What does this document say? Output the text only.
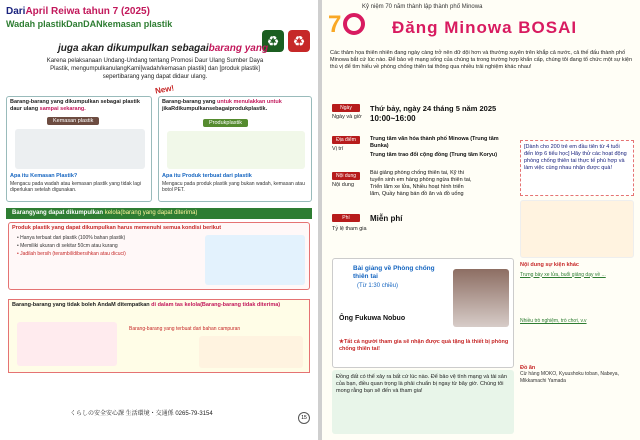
DariApril Reiwa tahun 7 (2025)
Wadah plastikDanDANkemasan plastik
♻ ♻
juga akan dikumpulkan sebagaibarang yang
Karena pelaksanaan Undang-Undang tentang Promosi Daur Ulang Sumber Daya Plastik, mengumpulkanulangKami[wadah/kemasan plastik] dan [produk plastik] sepertibarang yang dapat didaur ulang.
Barang-barang yang dikumpulkan sebagai plastik daur ulang sampai sekarang.
Kemasan plastik
Apa itu Kemasan Plastik?
Mengacu pada wadah atau kemasan plastik yang tidak lagi diperlukan setelah digunakan.
New!
Barang-barang yang untuk menulakkan untuk jikaRdikumpulkansebagaiprodukplastik.
Produkplastik
Apa itu Produk terbuat dari plastik
Mengacu pada produk plastik yang bukan wadah, kemasan atau botol PET.
Barangyang dapat dikumpulkan kelola(barang yang dapat diterima)
Produk plastik yang dapat dikumpulkan harus memenuhi semua kondisi berikut
• Hanya terbuat dari plastik (100% bahan plastik)
• Memiliki ukuran di sekitar 50cm atau kurang
• Jadilah bersih (terambil/dibersihkan atau dicuci)
Barang-barang yang tidak boleh AndaM ditempatkan di dalam tas kelola(Barang-barang tidak diterima)
Barang-barang yang terbuat dari bahan campuran
くらしの安全安心課 生活環境・交通係 0265-79-3154
15
7
Kỷ niệm 70 năm thành lập thành phố Minowa
Đăng Minowa BOSAI
Các thảm họa thiên nhiên đang ngày càng trở nên dữ dội hơn và thường xuyên trên khắp cả nước, cả thế đấu thành phố Minowa bắt cứ lúc nào. Để bảo vệ mạng sống của chúng ta trong trường hợp khẩn cấp, chúng tôi đang tổ chức một sự kiện thú vị để tìm hiểu về phòng chống thiên tai thông qua nhiều trải nghiệm khác nhau!
Ngày
Ngày và giờ
Thứ bảy, ngày 24 tháng 5 năm 2025
10:00~16:00
Địa điểm
Vị trí
Trung tâm văn hóa thành phố Minowa (Trung tâm Bunka)
Trung tâm trao đổi cộng đồng (Trung tâm Koryu)
Nội dung
Nội dung
Bài giảng phòng chống thiên tai, Kỹ thi tuyển sinh em hàng phòng ngừa thiên tai, Triển lãm xe lửa, Nhiều hoạt hình triển lãm, Quầy hàng bán đồ ăn và đồ uống
Phí
Tỷ lệ tham gia
Miễn phí
[Dành cho 200 trẻ em đầu tiên từ 4 tuổi đến lớp 6 tiểu học] Hãy thử các hoạt động phòng chống thiên tai thực tế phù hợp và làm việc cùng nhau nhận được quà!
Bài giảng về Phòng chống thiên tai
(Từ 1:30 chiều)
Ông Fukuwa Nobuo
★Tất cả người tham gia sẽ nhận được quà tặng là thiết bị phòng chống thiên tai!
Đồng đất có thể xảy ra bất cứ lúc nào. Để bảo vệ tính mạng và tài sản của bạn, điều quan trọng là phải chuẩn bị ngay từ bây giờ. Chúng tôi mong rằng bạn sẽ đến và tham gia!
Nội dung sự kiện khác
Trưng bày xe lửa, buổi giảng dạy về ...
Nhiều trò nghiệm, trò chơi, v.v
Đồ ăn
Cừ hàng MOKO, Kyuushoku toban, Nabeya, Mikkamachi Yamada
